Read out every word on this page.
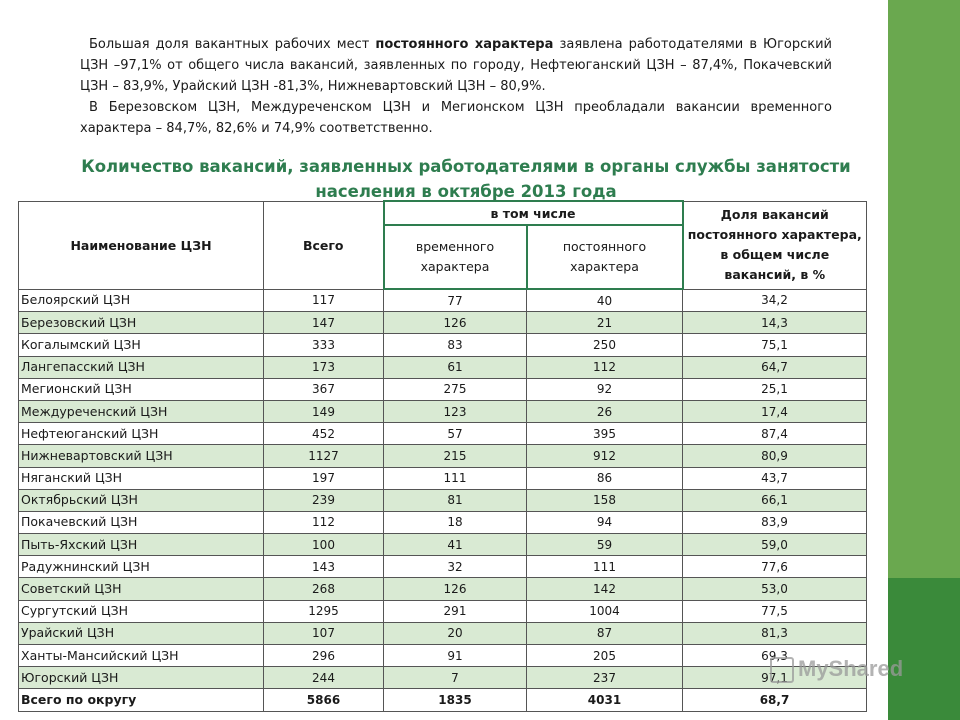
Большая доля вакантных рабочих мест постоянного характера заявлена работодателями в Югорский ЦЗН –97,1% от общего числа вакансий, заявленных по городу, Нефтеюганский ЦЗН – 87,4%, Покачевский ЦЗН – 83,9%, Урайский ЦЗН -81,3%, Нижневартовский ЦЗН – 80,9%.

В Березовском ЦЗН, Междуреченском ЦЗН и Мегионском ЦЗН преобладали вакансии временного характера – 84,7%, 82,6% и 74,9% соответственно.

Количество вакансий, заявленных работодателями в органы службы занятости населения в октябре 2013 года
Наименование ЦЗН	Всего	в том числе		Доля вакансий постоянного характера, в общем числе вакансий, в %
		временного характера	постоянного характера	
Белоярский ЦЗН	117	77	40	34,2
Березовский ЦЗН	147	126	21	14,3
Когалымский ЦЗН	333	83	250	75,1
Лангепасский ЦЗН	173	61	112	64,7
Мегионский ЦЗН	367	275	92	25,1
Междуреченский ЦЗН	149	123	26	17,4
Нефтеюганский ЦЗН	452	57	395	87,4
Нижневартовский ЦЗН	1127	215	912	80,9
Няганский ЦЗН	197	111	86	43,7
Октябрьский ЦЗН	239	81	158	66,1
Покачевский ЦЗН	112	18	94	83,9
Пыть-Яхский ЦЗН	100	41	59	59,0
Радужнинский ЦЗН	143	32	111	77,6
Советский ЦЗН	268	126	142	53,0
Сургутский ЦЗН	1295	291	1004	77,5
Урайский ЦЗН	107	20	87	81,3
Ханты-Мансийский ЦЗН	296	91	205	69,3
Югорский ЦЗН	244	7	237	97,1
Всего по округу	5866	1835	4031	68,7
MyShared
